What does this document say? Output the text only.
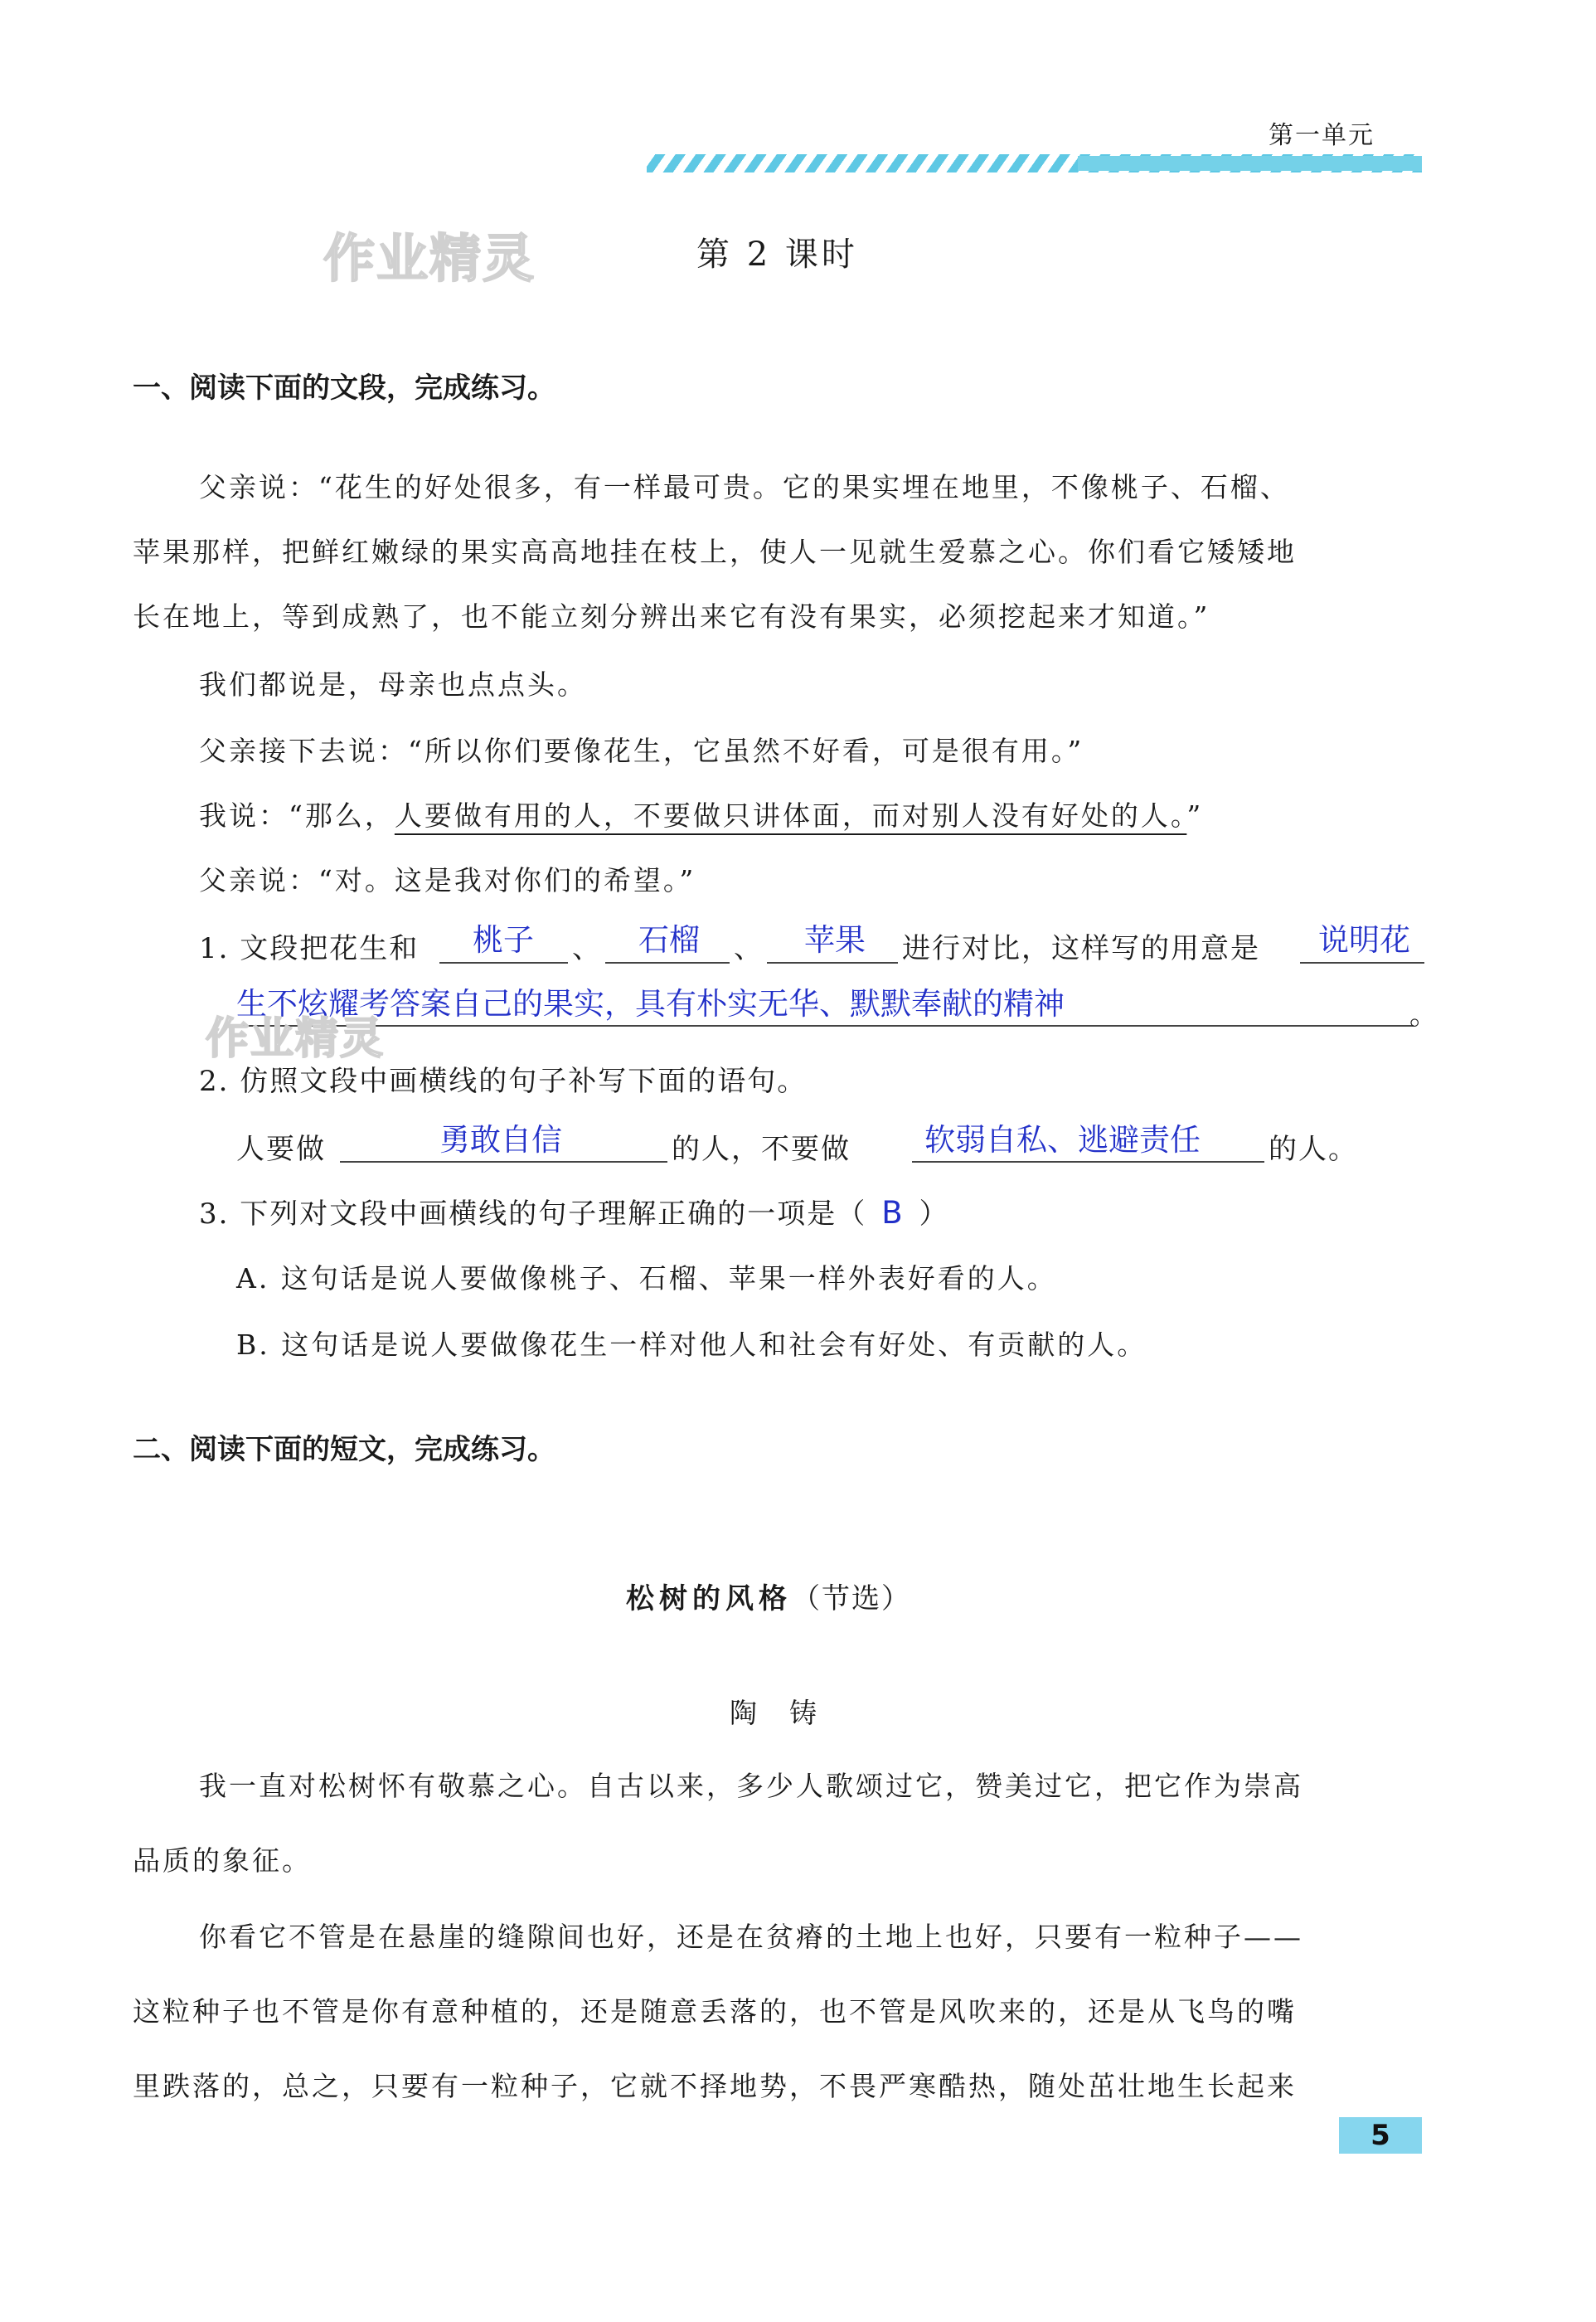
第一单元
作业精灵	第 2 课时
一、阅读下面的文段，完成练习。
父亲说：“花生的好处很多，有一样最可贵。它的果实埋在地里，不像桃子、石榴、
苹果那样，把鲜红嫩绿的果实高高地挂在枝上，使人一见就生爱慕之心。你们看它矮矮地
长在地上，等到成熟了，也不能立刻分辨出来它有没有果实，必须挖起来才知道。”
我们都说是，母亲也点点头。
父亲接下去说：“所以你们要像花生，它虽然不好看，可是很有用。”
我说：“那么，人要做有用的人，不要做只讲体面，而对别人没有好处的人。”
父亲说：“对。这是我对你们的希望。”
1. 文段把花生和 桃子 、 石榴 、 苹果 进行对比，这样写的用意是 说明花
生不炫耀考答案自己的果实，具有朴实无华、默默奉献的精神	。
作业精灵
2. 仿照文段中画横线的句子补写下面的语句。
人要做	勇敢自信	的人，不要做 软弱自私、逃避责任 的人。
3. 下列对文段中画横线的句子理解正确的一项是（ B ）
A. 这句话是说人要做像桃子、石榴、苹果一样外表好看的人。
B. 这句话是说人要做像花生一样对他人和社会有好处、有贡献的人。
二、阅读下面的短文，完成练习。
松树的风格（节选）
陶　铸
我一直对松树怀有敬慕之心。自古以来，多少人歌颂过它，赞美过它，把它作为崇高
品质的象征。
你看它不管是在悬崖的缝隙间也好，还是在贫瘠的土地上也好，只要有一粒种子——
这粒种子也不管是你有意种植的，还是随意丢落的，也不管是风吹来的，还是从飞鸟的嘴
里跌落的，总之，只要有一粒种子，它就不择地势，不畏严寒酷热，随处茁壮地生长起来
5
